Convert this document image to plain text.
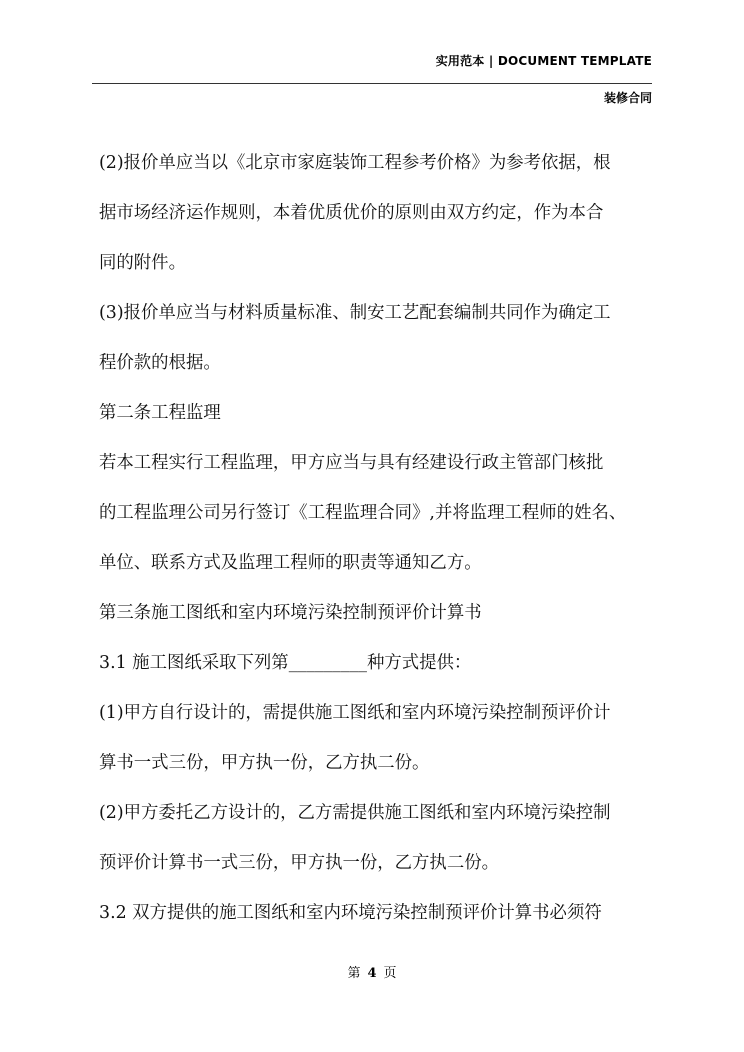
实用范本 | DOCUMENT TEMPLATE
装修合同

(2)报价单应当以《北京市家庭装饰工程参考价格》为参考依据，根

据市场经济运作规则，本着优质优价的原则由双方约定，作为本合

同的附件。

(3)报价单应当与材料质量标准、制安工艺配套编制共同作为确定工

程价款的根据。

第二条工程监理

若本工程实行工程监理，甲方应当与具有经建设行政主管部门核批

的工程监理公司另行签订《工程监理合同》,并将监理工程师的姓名、

单位、联系方式及监理工程师的职责等通知乙方。

第三条施工图纸和室内环境污染控制预评价计算书

3.1 施工图纸采取下列第_________种方式提供：

(1)甲方自行设计的，需提供施工图纸和室内环境污染控制预评价计

算书一式三份，甲方执一份，乙方执二份。

(2)甲方委托乙方设计的，乙方需提供施工图纸和室内环境污染控制

预评价计算书一式三份，甲方执一份，乙方执二份。

3.2 双方提供的施工图纸和室内环境污染控制预评价计算书必须符

第 4 页
